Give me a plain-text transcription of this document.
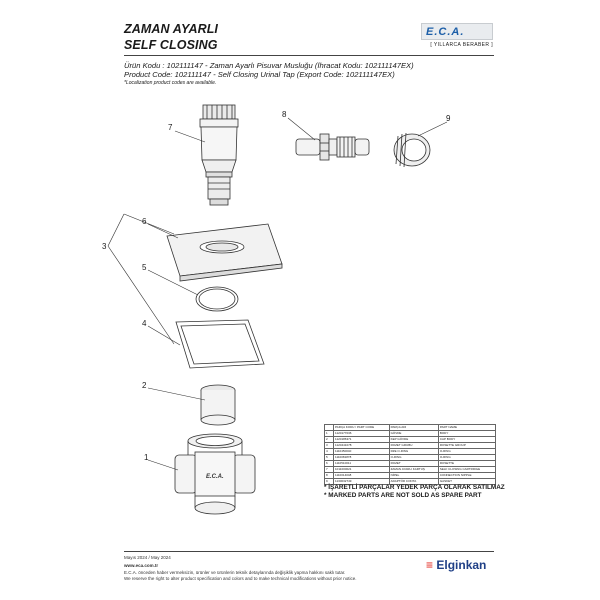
ZAMAN AYARLI
SELF CLOSING
E.C.A.
[ YILLARCA BERABER ]
Ürün Kodu : 102111147 - Zaman Ayarlı Pisuvar Musluğu (İhracat Kodu: 102111147EX)
Product Code: 102111147 - Self Closing Urinal Tap (Export Code: 102111147EX)
*Localization product codes are available.
E.C.A.
7
8	9
6
3
5
4
2
1
	PARÇA KODU / PART CODE	PARÇA ADI	PART NAME
1	1120177036	GÖVDE	BODY
2	1120186371	KEP GÖVDE	CAP BODY
3	1120441078	ROZET GRUBU	ROSETTE GROUP
4	1110450040	RZE O-RING	O-RING
5	1110081878	O-RING	O-RING
6	1110510011	ROZET	ROSETTE
7	1011000021	ZAMAN AYARLI KARTUŞ	SELF CLOSING CARTRIDGE
8	1110014048	NİPEL	CONNECTION NIPPLE
9	1130032749	ADAPTÖR CONTA	GASKET
* İŞARETLİ PARÇALAR YEDEK PARÇA OLARAK SATILMAZ
* MARKED PARTS ARE NOT SOLD AS SPARE PART
Mayıs 2024 / May 2024
www.eca.com.tr
E.C.A. önceden haber vermeksizin, ürünler ve ürünlerin teknik detaylarında değişiklik yapma hakkını saklı tutar.
We reserve the right to alter product specification and colors and to make technical modifications without prior notice.
≡ Elginkan
